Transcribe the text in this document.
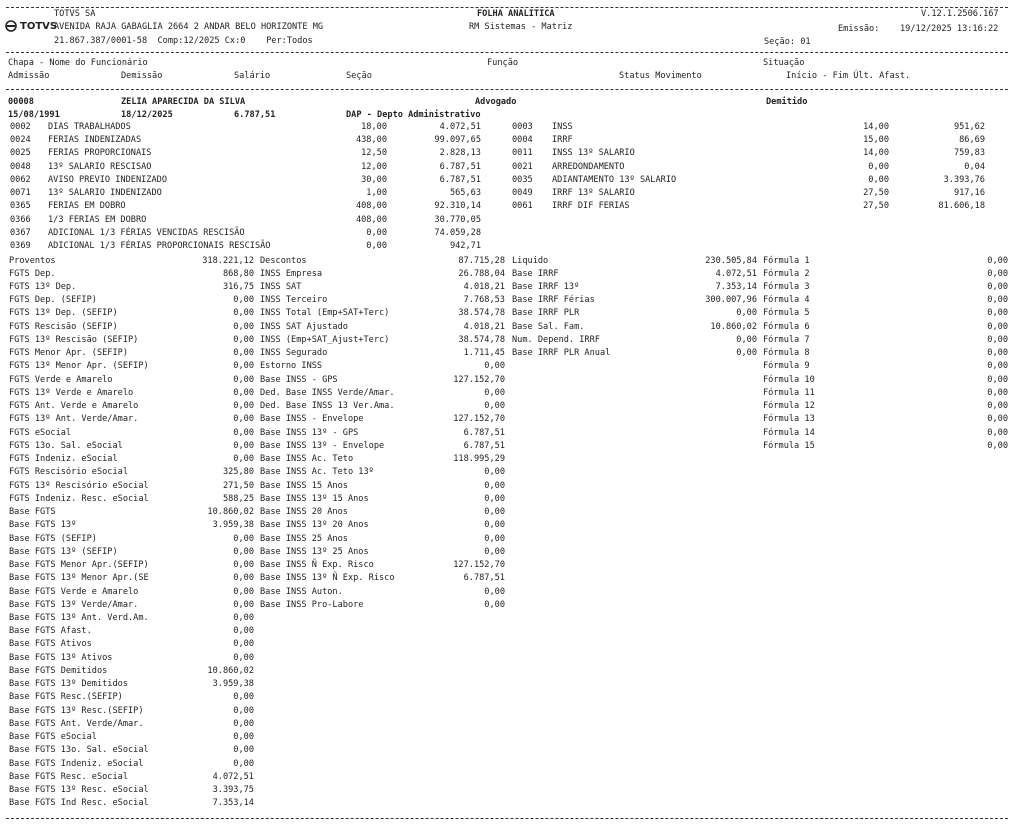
TOTVS SA
TOTVS
AVENIDA RAJA GABAGLIA 2664 2 ANDAR BELO HORIZONTE MG
21.867.387/0001-58  Comp:12/2025 Cx:0    Per:Todos
FOLHA ANALITICA
RM Sistemas - Matriz
V.12.1.2506.167
Emissão: 19/12/2025 13:16:22
Seção: 01
Chapa - Nome do Funcionário	Função	Situação
Admissão	Demissão	Salário	Seção	Status Movimento	Início - Fim Últ. Afast.
00008	ZELIA APARECIDA DA SILVA	Advogado	Demitido
15/08/1991	18/12/2025	6.787,51	DAP - Depto Administrativo
0002 DIAS TRABALHADOS	18,00	4.072,51
0024 FERIAS INDENIZADAS	438,00	99.097,65
0025 FERIAS PROPORCIONAIS	12,50	2.828,13
0048 13º SALARIO RESCISAO	12,00	6.787,51
0062 AVISO PREVIO INDENIZADO	30,00	6.787,51
0071 13º SALARIO INDENIZADO	1,00	565,63
0365 FERIAS EM DOBRO	408,00	92.310,14
0366 1/3 FERIAS EM DOBRO	408,00	30.770,05
0367 ADICIONAL 1/3 FÉRIAS VENCIDAS RESCISÃO	0,00	74.059,28
0369 ADICIONAL 1/3 FÉRIAS PROPORCIONAIS RESCISÃO	0,00	942,71
0003 INSS	14,00	951,62
0004 IRRF	15,00	86,69
0011 INSS 13º SALARIO	14,00	759,83
0021 ARREDONDAMENTO	0,00	0,04
0035 ADIANTAMENTO 13º SALARIO	0,00	3.393,76
0049 IRRF 13º SALARIO	27,50	917,16
0061 IRRF DIF FERIAS	27,50	81.606,18
Proventos	318.221,12
FGTS Dep.	868,80
FGTS 13º Dep.	316,75
FGTS Dep. (SEFIP)	0,00
FGTS 13º Dep. (SEFIP)	0,00
FGTS Rescisão (SEFIP)	0,00
FGTS 13º Rescisão (SEFIP)	0,00
FGTS Menor Apr. (SEFIP)	0,00
FGTS 13º Menor Apr. (SEFIP)	0,00
FGTS Verde e Amarelo	0,00
FGTS 13º Verde e Amarelo	0,00
FGTS Ant. Verde e Amarelo	0,00
FGTS 13º Ant. Verde/Amar.	0,00
FGTS eSocial	0,00
FGTS 13o. Sal. eSocial	0,00
FGTS Indeniz. eSocial	0,00
FGTS Rescisório eSocial	325,80
FGTS 13º Rescisório eSocial	271,50
FGTS Indeniz. Resc. eSocial	588,25
Base FGTS	10.860,02
Base FGTS 13º	3.959,38
Base FGTS (SEFIP)	0,00
Base FGTS 13º (SEFIP)	0,00
Base FGTS Menor Apr.(SEFIP)	0,00
Base FGTS 13º Menor Apr.(SE	0,00
Base FGTS Verde e Amarelo	0,00
Base FGTS 13º Verde/Amar.	0,00
Base FGTS 13º Ant. Verd.Am.	0,00
Base FGTS Afast.	0,00
Base FGTS Ativos	0,00
Base FGTS 13º Ativos	0,00
Base FGTS Demitidos	10.860,02
Base FGTS 13º Demitidos	3.959,38
Base FGTS Resc.(SEFIP)	0,00
Base FGTS 13º Resc.(SEFIP)	0,00
Base FGTS Ant. Verde/Amar.	0,00
Base FGTS eSocial	0,00
Base FGTS 13o. Sal. eSocial	0,00
Base FGTS Indeniz. eSocial	0,00
Base FGTS Resc. eSocial	4.072,51
Base FGTS 13º Resc. eSocial	3.393,75
Base FGTS Ind Resc. eSocial	7.353,14
Descontos	87.715,28
INSS Empresa	26.788,04
INSS SAT	4.018,21
INSS Terceiro	7.768,53
INSS Total (Emp+SAT+Terc)	38.574,78
INSS SAT Ajustado	4.018,21
INSS (Emp+SAT_Ajust+Terc)	38.574,78
INSS Segurado	1.711,45
Estorno INSS	0,00
Base INSS - GPS	127.152,70
Ded. Base INSS Verde/Amar.	0,00
Ded. Base INSS 13 Ver.Ama.	0,00
Base INSS - Envelope	127.152,70
Base INSS 13º - GPS	6.787,51
Base INSS 13º - Envelope	6.787,51
Base INSS Ac. Teto	118.995,29
Base INSS Ac. Teto 13º	0,00
Base INSS 15 Anos	0,00
Base INSS 13º 15 Anos	0,00
Base INSS 20 Anos	0,00
Base INSS 13º 20 Anos	0,00
Base INSS 25 Anos	0,00
Base INSS 13º 25 Anos	0,00
Base INSS Ñ Exp. Risco	127.152,70
Base INSS 13º Ñ Exp. Risco	6.787,51
Base INSS Auton.	0,00
Base INSS Pro-Labore	0,00
Liquido	230.505,84
Base IRRF	4.072,51
Base IRRF 13º	7.353,14
Base IRRF Férias	300.007,96
Base IRRF PLR	0,00
Base Sal. Fam.	10.860,02
Num. Depend. IRRF	0,00
Base IRRF PLR Anual	0,00
Fórmula 1	0,00
Fórmula 2	0,00
Fórmula 3	0,00
Fórmula 4	0,00
Fórmula 5	0,00
Fórmula 6	0,00
Fórmula 7	0,00
Fórmula 8	0,00
Fórmula 9	0,00
Fórmula 10	0,00
Fórmula 11	0,00
Fórmula 12	0,00
Fórmula 13	0,00
Fórmula 14	0,00
Fórmula 15	0,00
